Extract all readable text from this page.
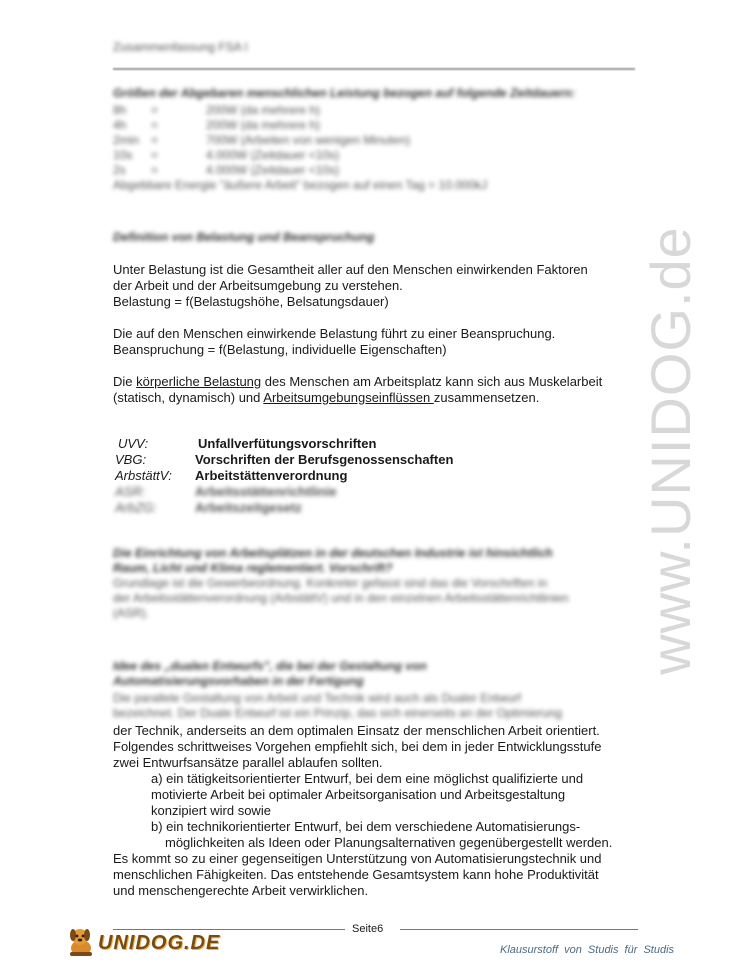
Zusammenfassung FSA I

Größen der Abgebaren menschlichen Leistung bezogen auf folgende Zeitdauern:

8h	=	200W (da mehrere h)
4h	=	200W (da mehrere h)
2min =	700W (Arbeiten von wenigen Minuten)
10s	=	4.000W (Zeitdauer <10s)
2s	=	4.000W (Zeitdauer <10s)
Abgebbare Energie "äußere Arbeit" bezogen auf einen Tag = 10.000kJ

Definition von Belastung und Beanspruchung

Unter Belastung ist die Gesamtheit aller auf den Menschen einwirkenden Faktoren

der Arbeit und der Arbeitsumgebung zu verstehen.

Belastung = f(Belastugshöhe, Belsatungsdauer)

Die auf den Menschen einwirkende Belastung führt zu einer Beanspruchung.

Beanspruchung = f(Belastung, individuelle Eigenschaften)

Die körperliche Belastung des Menschen am Arbeitsplatz kann sich aus Muskelarbeit

(statisch, dynamisch) und Arbeitsumgebungseinflüssen zusammensetzen.

UVV:	Unfallverfütungsvorschriften
VBG:	Vorschriften der Berufsgenossenschaften
ArbstättV:	Arbeitstättenverordnung
ASR:	Arbeitsstättenrichtlinie
ArbZG:	Arbeitszeitgesetz

Die Einrichtung von Arbeitsplätzen in der deutschen Industrie ist hinsichtlich

Raum, Licht und Klima reglementiert. Vorschrift?

Grundlage ist die Gewerbeordnung. Konkreter gefasst sind das die Vorschriften in

der Arbeitsstättenverordnung (ArbstättV) und in den einzelnen Arbeitsstättenrichtlinien

(ASR).

Idee des „dualen Entwurfs", die bei der Gestaltung von

Automatisierungsvorhaben in der Fertigung

Die parallele Gestaltung von Arbeit und Technik wird auch als Dualer Entwurf

bezeichnet. Der Duale Entwurf ist ein Prinzip, das sich einerseits an der Optimierung

der Technik, anderseits an dem optimalen Einsatz der menschlichen Arbeit orientiert.

Folgendes schrittweises Vorgehen empfiehlt sich, bei dem in jeder Entwicklungsstufe

zwei Entwurfsansätze parallel ablaufen sollten.

a) ein tätigkeitsorientierter Entwurf, bei dem eine möglichst qualifizierte und

motivierte Arbeit bei optimaler Arbeitsorganisation und Arbeitsgestaltung

konzipiert wird sowie

b) ein technikorientierter Entwurf, bei dem verschiedene Automatisierungs-

möglichkeiten als Ideen oder Planungsalternativen gegenübergestellt werden.

Es kommt so zu einer gegenseitigen Unterstützung von Automatisierungstechnik und

menschlichen Fähigkeiten. Das entstehende Gesamtsystem kann hohe Produktivität

und menschengerechte Arbeit verwirklichen.

www.UNIDOG.de
Seite6
UNIDOG.DE	Klausurstoff von Studis für Studis
